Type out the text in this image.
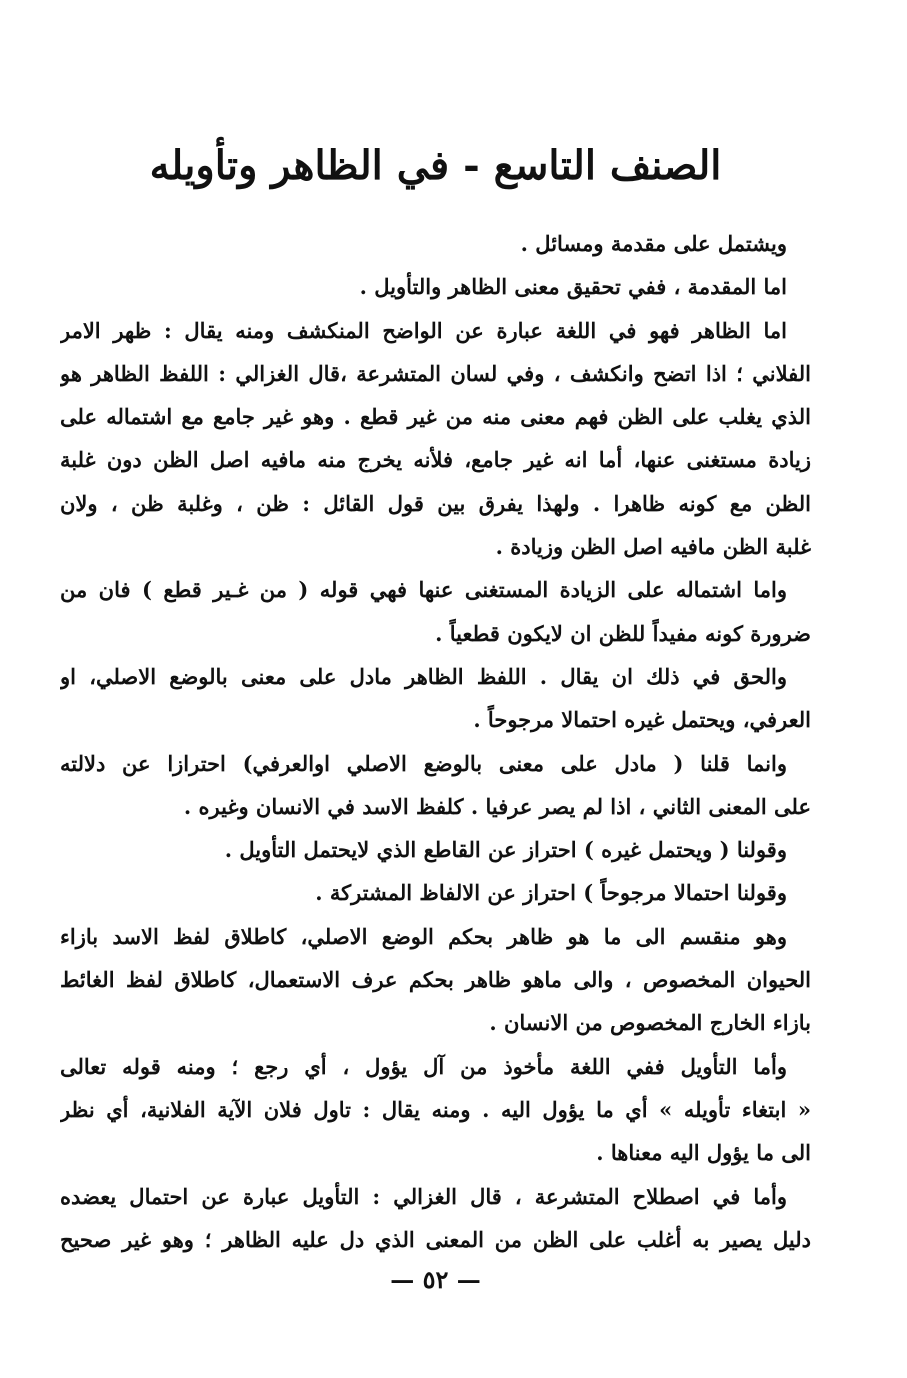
الصنف التاسع - في الظاهر وتأويله
ويشتمل على مقدمة ومسائل .
اما المقدمة ، ففي تحقيق معنى الظاهر والتأويل .
اما الظاهر فهو في اللغة عبارة عن الواضح المنكشف ومنه يقال : ظهر الامر
الفلاني ؛ اذا اتضح وانكشف ، وفي لسان المتشرعة ،قال الغزالي : اللفظ الظاهر هو
الذي يغلب على الظن فهم معنى منه من غير قطع . وهو غير جامع مع اشتماله على
زيادة مستغنى عنها، أما انه غير جامع، فلأنه يخرج منه مافيه اصل الظن دون غلبة
الظن مع كونه ظاهرا . ولهذا يفرق بين قول القائل : ظن ، وغلبة ظن ، ولان
غلبة الظن مافيه اصل الظن وزيادة .
واما اشتماله على الزيادة المستغنى عنها فهي قوله ( من غـير قطع ) فان من
ضرورة كونه مفيداً للظن ان لايكون قطعياً .
والحق في ذلك ان يقال . اللفظ الظاهر مادل على معنى بالوضع الاصلي، او
العرفي، ويحتمل غيره احتمالا مرجوحاً .
وانما قلنا ( مادل على معنى بالوضع الاصلي اوالعرفي) احترازا عن دلالته
على المعنى الثاني ، اذا لم يصر عرفيا . كلفظ الاسد في الانسان وغيره .
وقولنا ( ويحتمل غيره ) احتراز عن القاطع الذي لايحتمل التأويل .
وقولنا احتمالا مرجوحاً ) احتراز عن الالفاظ المشتركة .
وهو منقسم الى ما هو ظاهر بحكم الوضع الاصلي، كاطلاق لفظ الاسد بازاء
الحيوان المخصوص ، والى ماهو ظاهر بحكم عرف الاستعمال، كاطلاق لفظ الغائط
بازاء الخارج المخصوص من الانسان .
وأما التأويل ففي اللغة مأخوذ من آل يؤول ، أي رجع ؛ ومنه قوله تعالى
« ابتغاء تأويله » أي ما يؤول اليه . ومنه يقال : تاول فلان الآية الفلانية، أي نظر
الى ما يؤول اليه معناها .
وأما في اصطلاح المتشرعة ، قال الغزالي : التأويل عبارة عن احتمال يعضده
دليل يصير به أغلب على الظن من المعنى الذي دل عليه الظاهر ؛ وهو غير صحيح
— ٥٢ —
